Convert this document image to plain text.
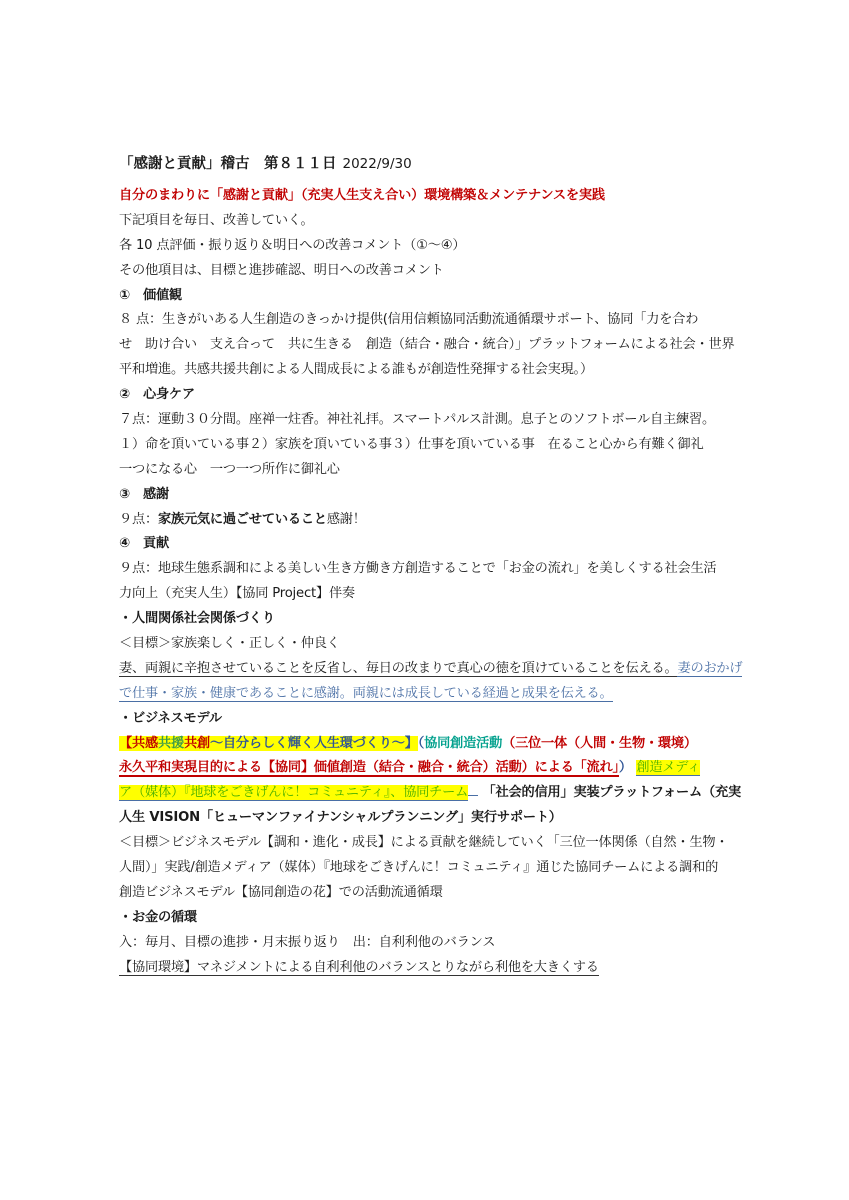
「感謝と貢献」稽古　第８１１日 2022/9/30
自分のまわりに「感謝と貢献」（充実人生支え合い）環境構築＆メンテナンスを実践
下記項目を毎日、改善していく。
各 10 点評価・振り返り＆明日への改善コメント（①～④）
その他項目は、目標と進捗確認、明日への改善コメント
①　価値観
８ 点：生きがいある人生創造のきっかけ提供(信用信頼協同活動流通循環サポート、協同「力を合わ
せ　助け合い　支え合って　共に生きる　創造（結合・融合・統合）」プラットフォームによる社会・世界
平和増進。共感共援共創による人間成長による誰もが創造性発揮する社会実現。）
②　心身ケア
７点：運動３０分間。座禅一炷香。神社礼拝。スマートパルス計測。息子とのソフトボール自主練習。
１）命を頂いている事２）家族を頂いている事３）仕事を頂いている事　在ること心から有難く御礼
一つになる心　一つ一つ所作に御礼心
③　感謝
９点：家族元気に過ごせていること感謝！
④　貢献
９点：地球生態系調和による美しい生き方働き方創造することで「お金の流れ」を美しくする社会生活
力向上（充実人生）【協同 Project】伴奏
・人間関係社会関係づくり
＜目標＞家族楽しく・正しく・仲良く
妻、両親に辛抱させていることを反省し、毎日の改まりで真心の徳を頂けていることを伝える。妻のおかげ
で仕事・家族・健康であることに感謝。両親には成長している経過と成果を伝える。
・ビジネスモデル
【共感共援共創～自分らしく輝く人生環づくり～】（協同創造活動（三位一体（人間・生物・環境）
永久平和実現目的による【協同】価値創造（結合・融合・統合）活動）による「流れ」） 創造メディ
ア（媒体）『地球をごきげんに！コミュニティ』、協同チーム 「社会的信用」実装プラットフォーム（充実
人生 VISION「ヒューマンファイナンシャルプランニング」実行サポート）
＜目標＞ビジネスモデル【調和・進化・成長】による貢献を継続していく「三位一体関係（自然・生物・
人間）」実践/創造メディア（媒体）『地球をごきげんに！コミュニティ』通じた協同チームによる調和的
創造ビジネスモデル【協同創造の花】での活動流通循環
・お金の循環
入：毎月、目標の進捗・月末振り返り　出：自利利他のバランス
【協同環境】マネジメントによる自利利他のバランスとりながら利他を大きくする
